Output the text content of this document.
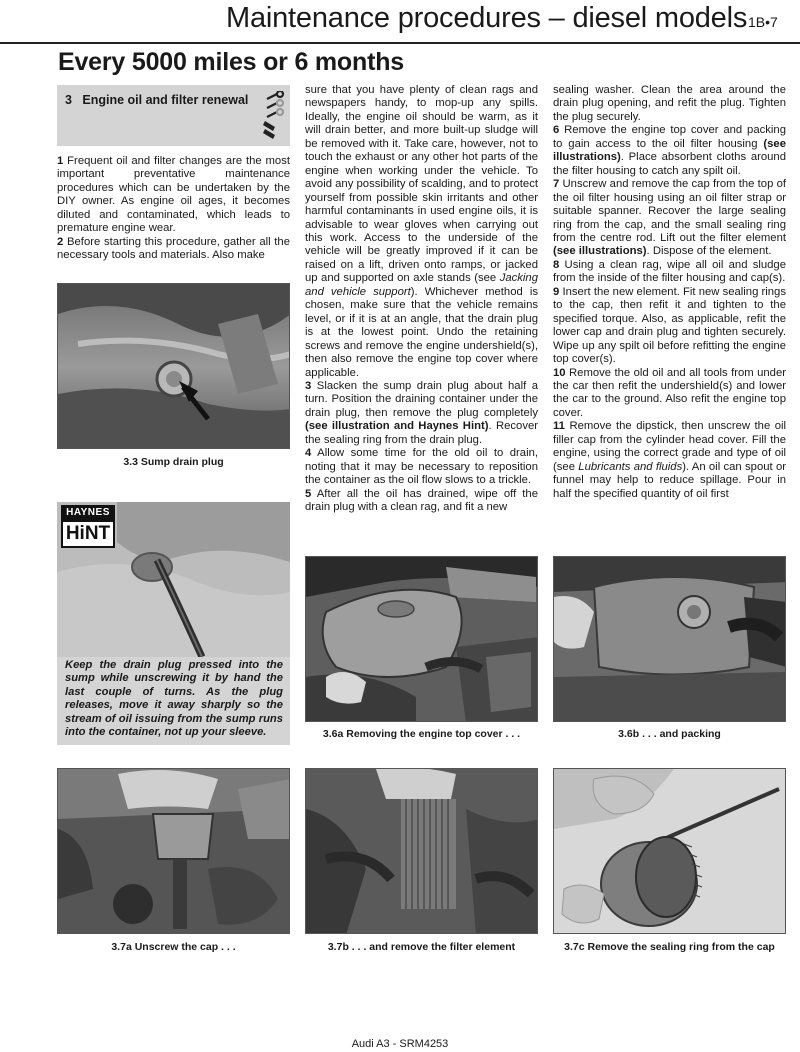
Maintenance procedures – diesel models 1B•7
Every 5000 miles or 6 months
3 Engine oil and filter renewal

1 Frequent oil and filter changes are the most important preventative maintenance procedures which can be undertaken by the DIY owner. As engine oil ages, it becomes diluted and contaminated, which leads to premature engine wear.

2 Before starting this procedure, gather all the necessary tools and materials. Also make

3.3 Sump drain plug
HAYNES
HiNT
Keep the drain plug pressed into the sump while unscrewing it by hand the last couple of turns. As the plug releases, move it away sharply so the stream of oil issuing from the sump runs into the container, not up your sleeve.

sure that you have plenty of clean rags and newspapers handy, to mop-up any spills. Ideally, the engine oil should be warm, as it will drain better, and more built-up sludge will be removed with it. Take care, however, not to touch the exhaust or any other hot parts of the engine when working under the vehicle. To avoid any possibility of scalding, and to protect yourself from possible skin irritants and other harmful contaminants in used engine oils, it is advisable to wear gloves when carrying out this work. Access to the underside of the vehicle will be greatly improved if it can be raised on a lift, driven onto ramps, or jacked up and supported on axle stands (see Jacking and vehicle support). Whichever method is chosen, make sure that the vehicle remains level, or if it is at an angle, that the drain plug is at the lowest point. Undo the retaining screws and remove the engine undershield(s), then also remove the engine top cover where applicable.

3 Slacken the sump drain plug about half a turn. Position the draining container under the drain plug, then remove the plug completely (see illustration and Haynes Hint). Recover the sealing ring from the drain plug.

4 Allow some time for the old oil to drain, noting that it may be necessary to reposition the container as the oil flow slows to a trickle.

5 After all the oil has drained, wipe off the drain plug with a clean rag, and fit a new

sealing washer. Clean the area around the drain plug opening, and refit the plug. Tighten the plug securely.

6 Remove the engine top cover and packing to gain access to the oil filter housing (see illustrations). Place absorbent cloths around the filter housing to catch any spilt oil.

7 Unscrew and remove the cap from the top of the oil filter housing using an oil filter strap or suitable spanner. Recover the large sealing ring from the cap, and the small sealing ring from the centre rod. Lift out the filter element (see illustrations). Dispose of the element.

8 Using a clean rag, wipe all oil and sludge from the inside of the filter housing and cap(s).

9 Insert the new element. Fit new sealing rings to the cap, then refit it and tighten to the specified torque. Also, as applicable, refit the lower cap and drain plug and tighten securely. Wipe up any spilt oil before refitting the engine top cover(s).

10 Remove the old oil and all tools from under the car then refit the undershield(s) and lower the car to the ground. Also refit the engine top cover.

11 Remove the dipstick, then unscrew the oil filler cap from the cylinder head cover. Fill the engine, using the correct grade and type of oil (see Lubricants and fluids). An oil can spout or funnel may help to reduce spillage. Pour in half the specified quantity of oil first

3.6a Removing the engine top cover . . .	3.6b . . . and packing
3.7a Unscrew the cap . . .	3.7b . . . and remove the filter element	3.7c Remove the sealing ring from the cap
Audi A3 - SRM4253
